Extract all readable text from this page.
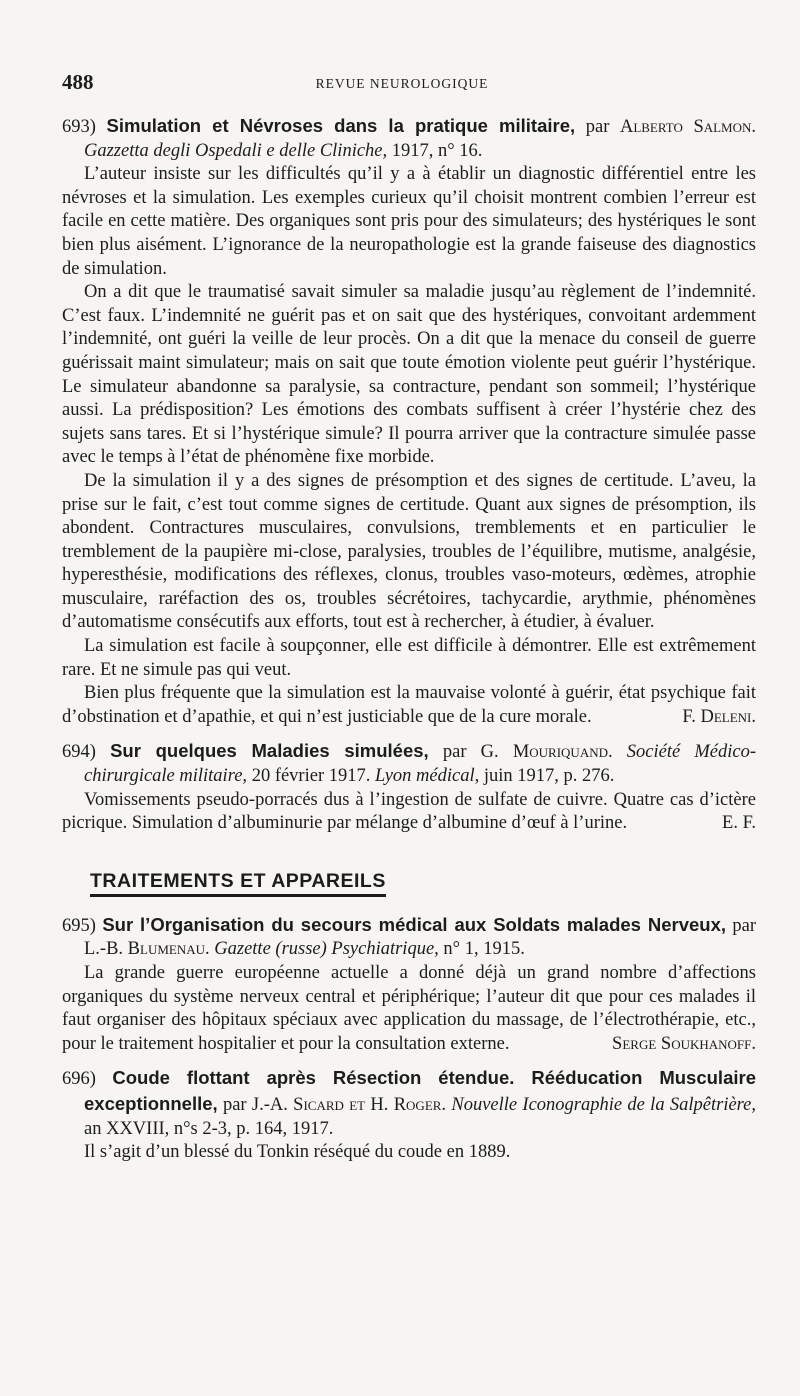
488	REVUE NEUROLOGIQUE

693) Simulation et Névroses dans la pratique militaire, par Alberto Salmon. Gazzetta degli Ospedali e delle Cliniche, 1917, n° 16.

L’auteur insiste sur les difficultés qu’il y a à établir un diagnostic différentiel entre les névroses et la simulation. Les exemples curieux qu’il choisit montrent combien l’erreur est facile en cette matière. Des organiques sont pris pour des simulateurs; des hystériques le sont bien plus aisément. L’ignorance de la neuropathologie est la grande faiseuse des diagnostics de simulation.

On a dit que le traumatisé savait simuler sa maladie jusqu’au règlement de l’indemnité. C’est faux. L’indemnité ne guérit pas et on sait que des hystériques, convoitant ardemment l’indemnité, ont guéri la veille de leur procès. On a dit que la menace du conseil de guerre guérissait maint simulateur; mais on sait que toute émotion violente peut guérir l’hystérique. Le simulateur abandonne sa paralysie, sa contracture, pendant son sommeil; l’hystérique aussi. La prédisposition? Les émotions des combats suffisent à créer l’hystérie chez des sujets sans tares. Et si l’hystérique simule? Il pourra arriver que la contracture simulée passe avec le temps à l’état de phénomène fixe morbide.

De la simulation il y a des signes de présomption et des signes de certitude. L’aveu, la prise sur le fait, c’est tout comme signes de certitude. Quant aux signes de présomption, ils abondent. Contractures musculaires, convulsions, tremblements et en particulier le tremblement de la paupière mi-close, paralysies, troubles de l’équilibre, mutisme, analgésie, hyperesthésie, modifications des réflexes, clonus, troubles vaso-moteurs, œdèmes, atrophie musculaire, raréfaction des os, troubles sécrétoires, tachycardie, arythmie, phénomènes d’automatisme consécutifs aux efforts, tout est à rechercher, à étudier, à évaluer.

La simulation est facile à soupçonner, elle est difficile à démontrer. Elle est extrêmement rare. Et ne simule pas qui veut.

Bien plus fréquente que la simulation est la mauvaise volonté à guérir, état psychique fait d’obstination et d’apathie, et qui n’est justiciable que de la cure morale.	F. Deleni.

694) Sur quelques Maladies simulées, par G. Mouriquand. Société Médico-chirurgicale militaire, 20 février 1917. Lyon médical, juin 1917, p. 276.

Vomissements pseudo-porracés dus à l’ingestion de sulfate de cuivre. Quatre cas d’ictère picrique. Simulation d’albuminurie par mélange d’albumine d’œuf à l’urine.	E. F.

TRAITEMENTS ET APPAREILS

695) Sur l’Organisation du secours médical aux Soldats malades Nerveux, par L.-B. Blumenau. Gazette (russe) Psychiatrique, n° 1, 1915.

La grande guerre européenne actuelle a donné déjà un grand nombre d’affections organiques du système nerveux central et périphérique; l’auteur dit que pour ces malades il faut organiser des hôpitaux spéciaux avec application du massage, de l’électrothérapie, etc., pour le traitement hospitalier et pour la consultation externe.	Serge Soukhanoff.

696) Coude flottant après Résection étendue. Rééducation Musculaire exceptionnelle, par J.-A. Sicard et H. Roger. Nouvelle Iconographie de la Salpêtrière, an XXVIII, n°s 2-3, p. 164, 1917.

Il s’agit d’un blessé du Tonkin réséqué du coude en 1889.
